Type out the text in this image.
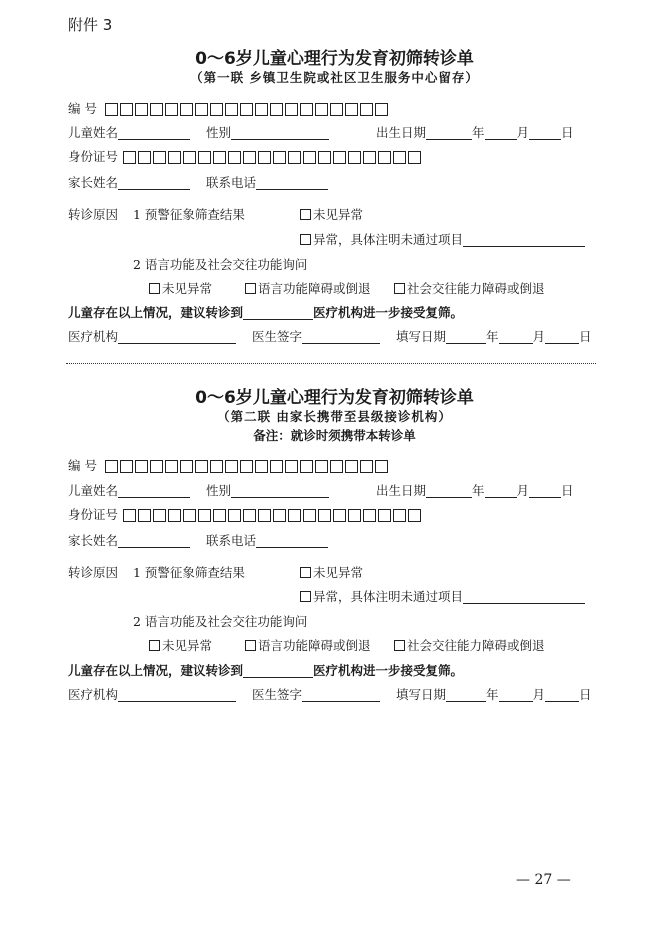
附件 3
0～6岁儿童心理行为发育初筛转诊单
（第一联 乡镇卫生院或社区卫生服务中心留存）
编 号
儿童姓名	性别	出生日期	年	月	日
身份证号
家长姓名	联系电话
转诊原因 1 预警征象筛查结果	未见异常
异常，具体注明未通过项目
2 语言功能及社会交往功能询问
未见异常	语言功能障碍或倒退	社会交往能力障碍或倒退
儿童存在以上情况，建议转诊到	医疗机构进一步接受复筛。
医疗机构	医生签字	填写日期	年	月	日
0～6岁儿童心理行为发育初筛转诊单
（第二联 由家长携带至县级接诊机构）
备注：就诊时须携带本转诊单
编 号
儿童姓名	性别	出生日期	年	月	日
身份证号
家长姓名	联系电话
转诊原因 1 预警征象筛查结果	未见异常
异常，具体注明未通过项目
2 语言功能及社会交往功能询问
未见异常	语言功能障碍或倒退	社会交往能力障碍或倒退
儿童存在以上情况，建议转诊到	医疗机构进一步接受复筛。
医疗机构	医生签字	填写日期	年	月	日
— 27 —
